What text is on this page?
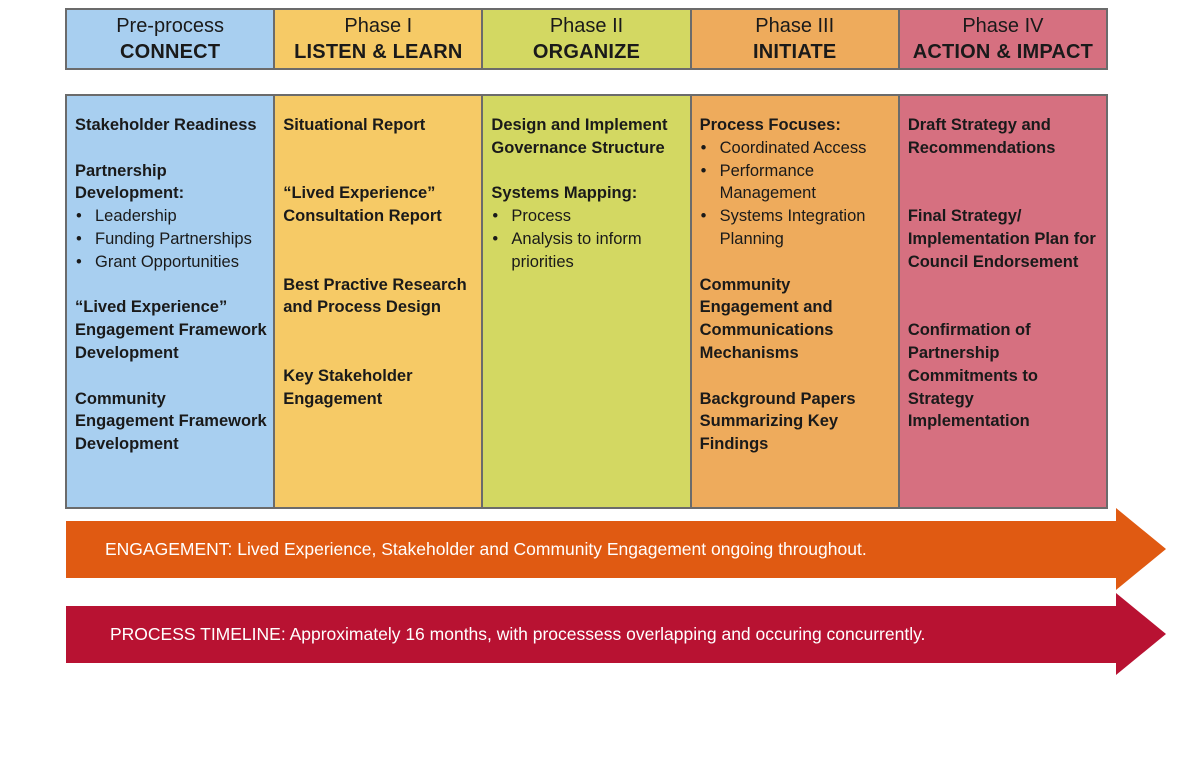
Pre-process
CONNECT
Phase I
LISTEN & LEARN
Phase II
ORGANIZE
Phase III
INITIATE
Phase IV
ACTION & IMPACT
Stakeholder Readiness
Partnership Development:
• Leadership
• Funding Partnerships
• Grant Opportunities
“Lived Experience” Engagement Framework Development
Community Engagement Framework Development
Situational Report
“Lived Experience” Consultation Report
Best Practive Research and Process Design
Key Stakeholder Engagement
Design and Implement Governance Structure
Systems Mapping:
• Process
• Analysis to inform priorities
Process Focuses:
• Coordinated Access
• Performance Management
• Systems Integration Planning
Community Engagement and Communications Mechanisms
Background Papers Summarizing Key Findings
Draft Strategy and Recommendations
Final Strategy/ Implementation Plan for Council Endorsement
Confirmation of Partnership Commitments to Strategy Implementation
ENGAGEMENT: Lived Experience, Stakeholder and Community Engagement ongoing throughout.
PROCESS TIMELINE: Approximately 16 months, with processess overlapping and occuring concurrently.
